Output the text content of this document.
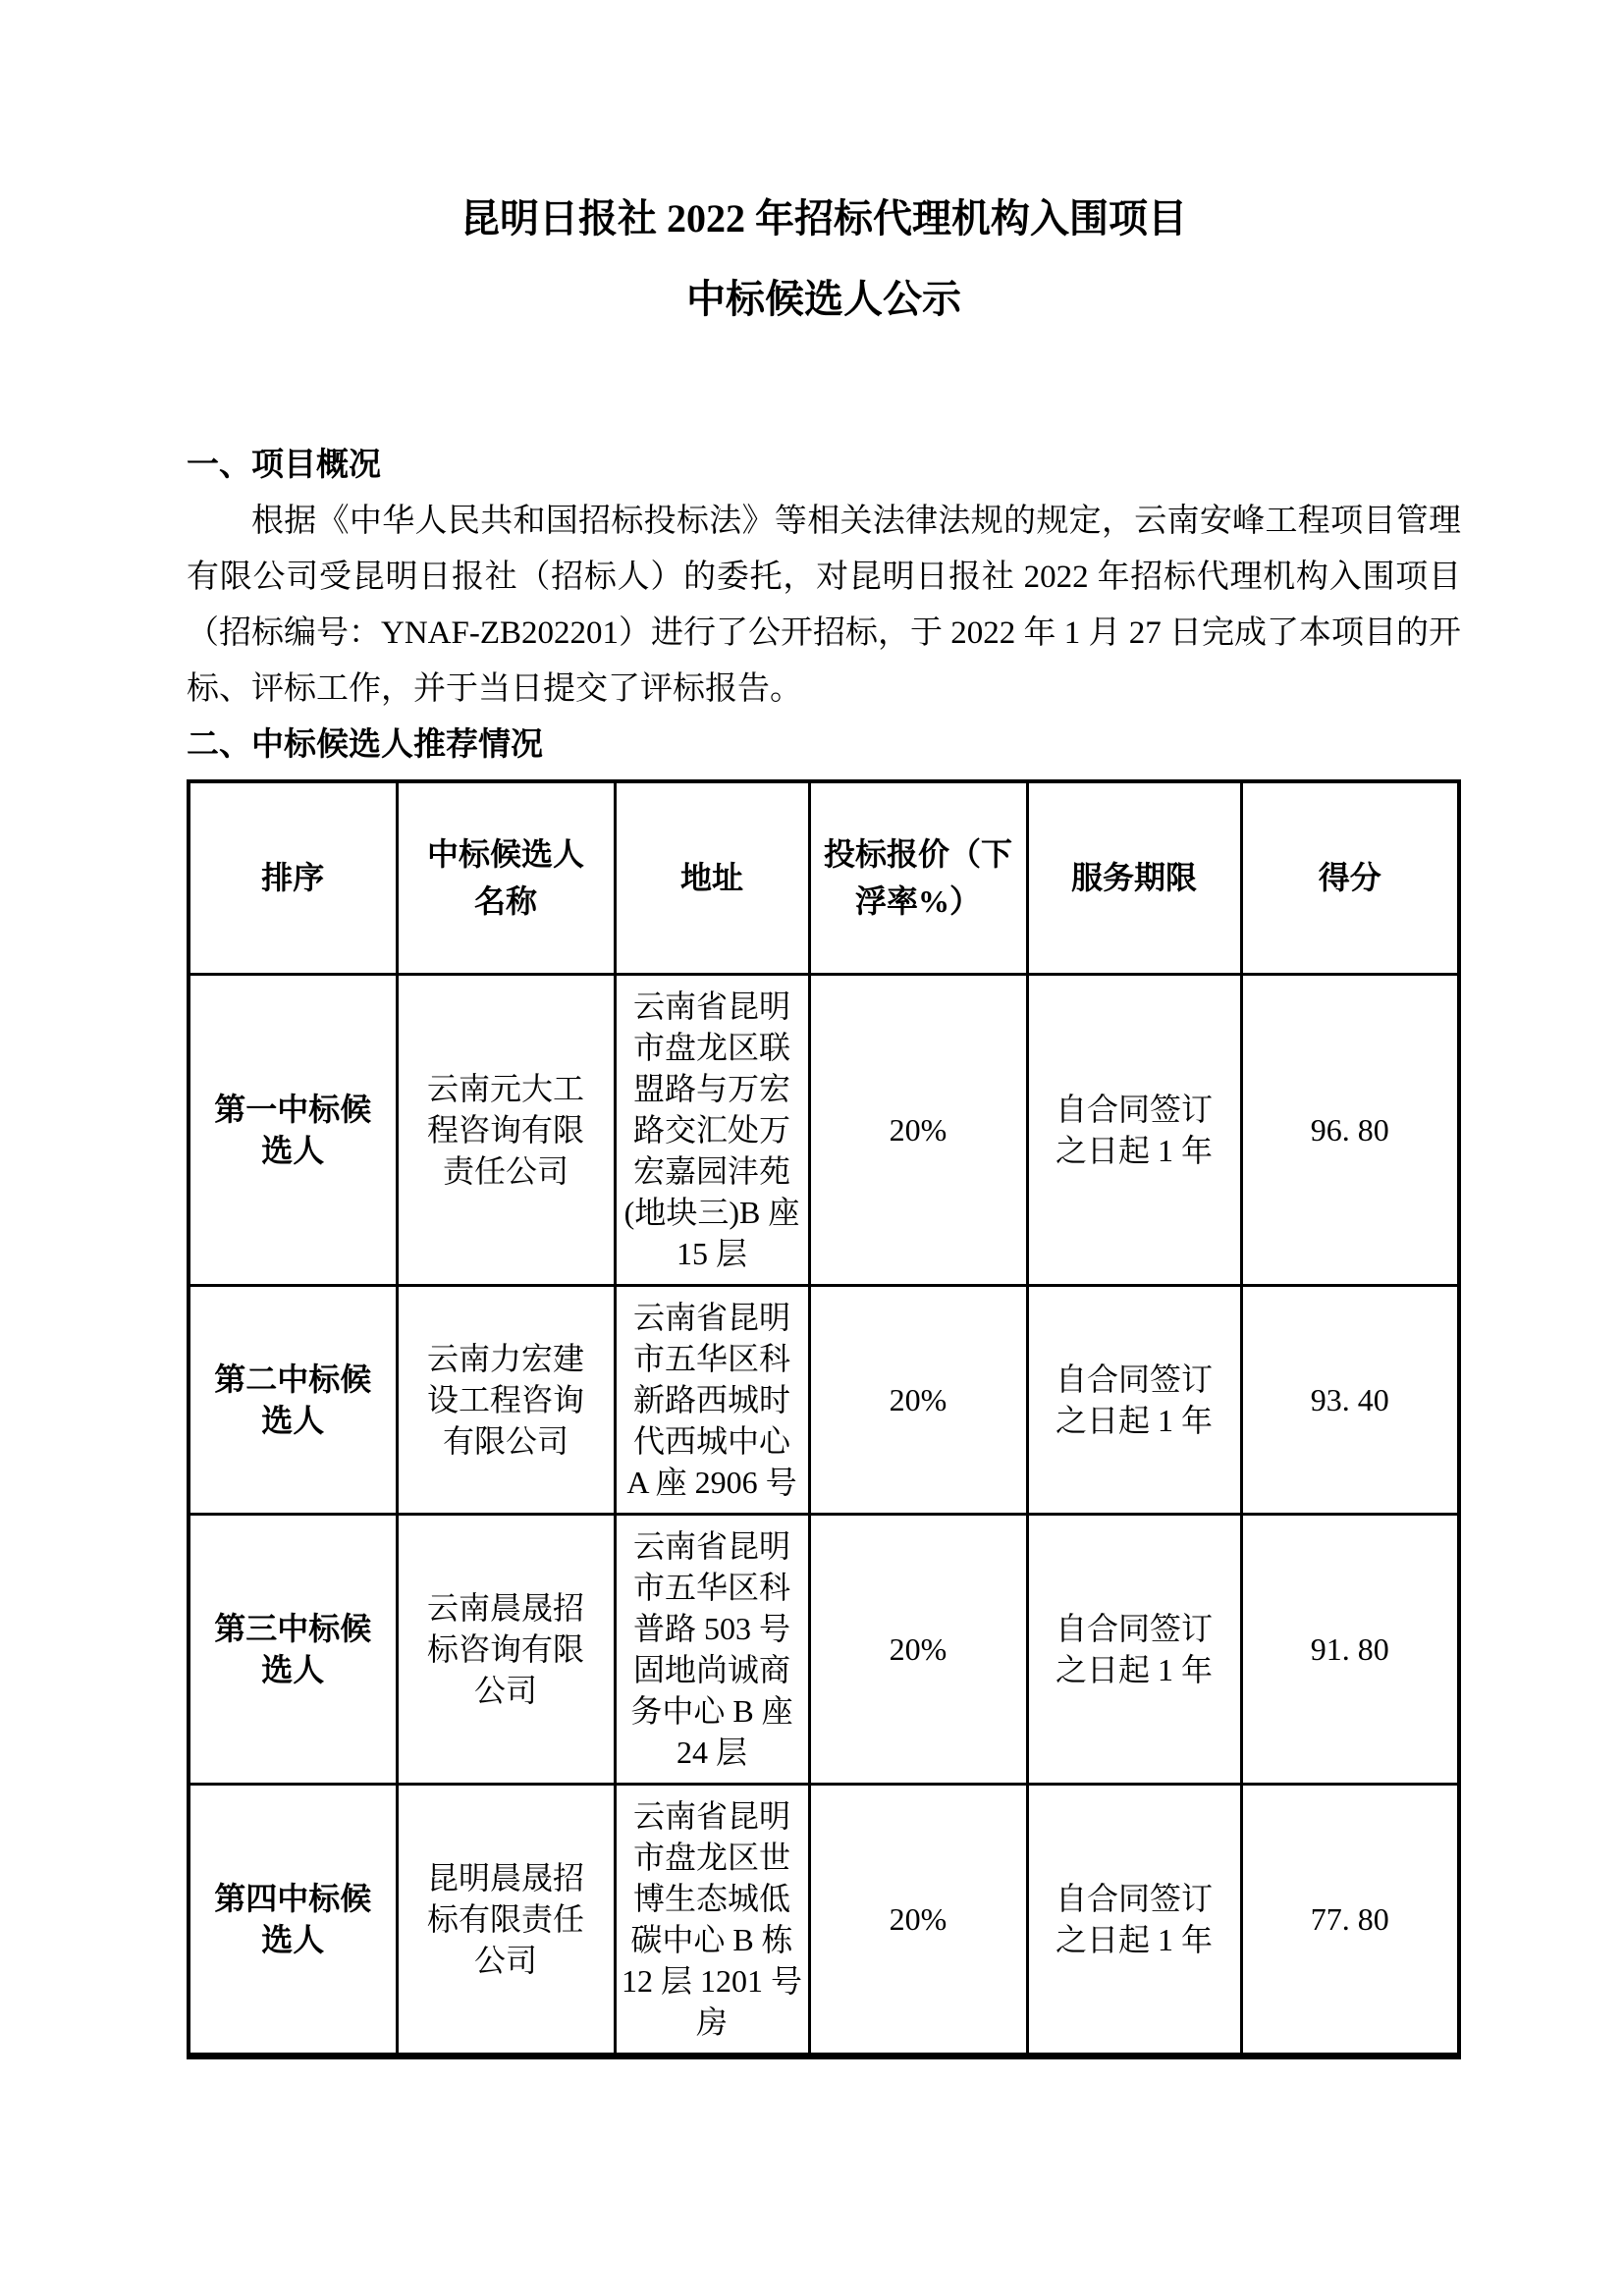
昆明日报社 2022 年招标代理机构入围项目
中标候选人公示
一、项目概况

根据《中华人民共和国招标投标法》等相关法律法规的规定，云南安峰工程项目管理有限公司受昆明日报社（招标人）的委托，对昆明日报社 2022 年招标代理机构入围项目（招标编号：YNAF-ZB202201）进行了公开招标，于 2022 年 1 月 27 日完成了本项目的开标、评标工作，并于当日提交了评标报告。

二、中标候选人推荐情况
排序	中标候选人名称	地址	投标报价（下浮率%）	服务期限	得分
第一中标候选人	云南元大工程咨询有限责任公司	云南省昆明市盘龙区联盟路与万宏路交汇处万宏嘉园沣苑(地块三)B 座 15 层	20%	自合同签订之日起 1 年	96. 80
第二中标候选人	云南力宏建设工程咨询有限公司	云南省昆明市五华区科新路西城时代西城中心 A 座 2906 号	20%	自合同签订之日起 1 年	93. 40
第三中标候选人	云南晨晟招标咨询有限公司	云南省昆明市五华区科普路 503 号固地尚诚商务中心 B 座 24 层	20%	自合同签订之日起 1 年	91. 80
第四中标候选人	昆明晨晟招标有限责任公司	云南省昆明市盘龙区世博生态城低碳中心 B 栋 12 层 1201 号房	20%	自合同签订之日起 1 年	77. 80
